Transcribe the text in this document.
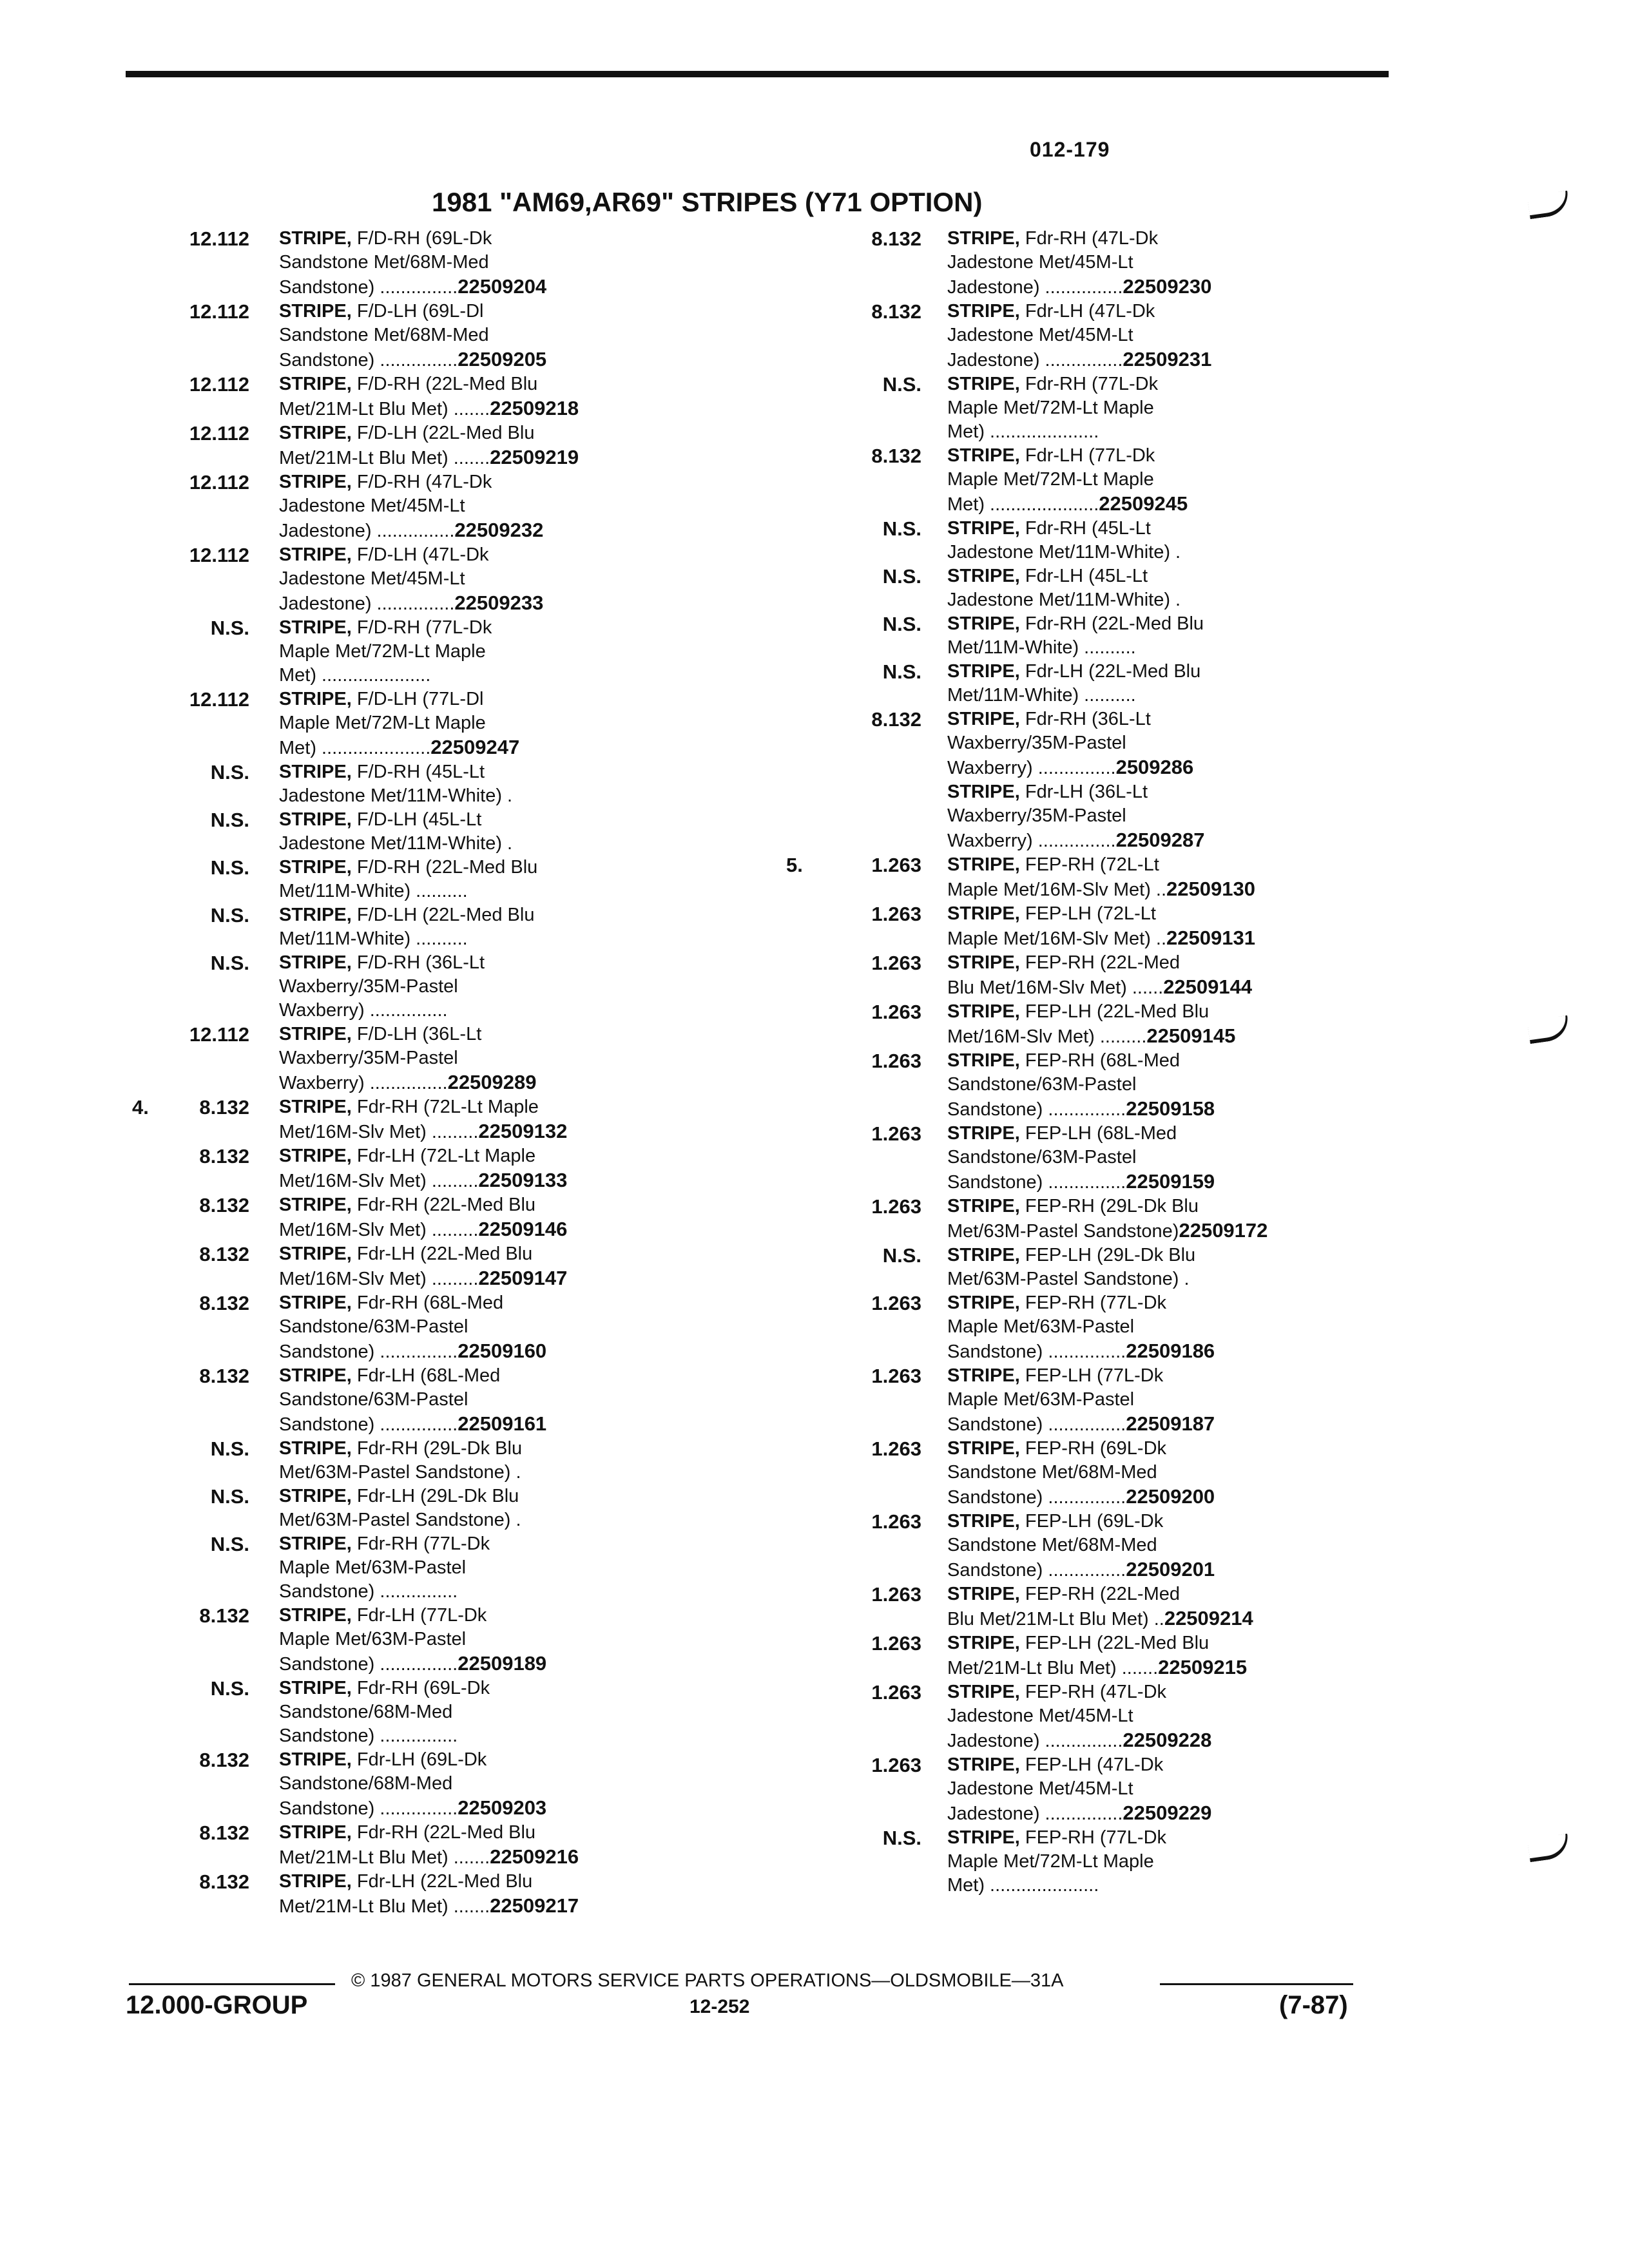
012-179
1981 "AM69,AR69" STRIPES (Y71 OPTION)
12.112 STRIPE, F/D-RH (69L-Dk
Sandstone Met/68M-Med
Sandstone) ...............22509204
12.112 STRIPE, F/D-LH (69L-Dl
Sandstone Met/68M-Med
Sandstone) ...............22509205
12.112 STRIPE, F/D-RH (22L-Med Blu
Met/21M-Lt Blu Met) .......22509218
12.112 STRIPE, F/D-LH (22L-Med Blu
Met/21M-Lt Blu Met) .......22509219
12.112 STRIPE, F/D-RH (47L-Dk
Jadestone Met/45M-Lt
Jadestone) ...............22509232
12.112 STRIPE, F/D-LH (47L-Dk
Jadestone Met/45M-Lt
Jadestone) ...............22509233
N.S. STRIPE, F/D-RH (77L-Dk
Maple Met/72M-Lt Maple
Met) .....................
12.112 STRIPE, F/D-LH (77L-Dl
Maple Met/72M-Lt Maple
Met) .....................22509247
N.S. STRIPE, F/D-RH (45L-Lt
Jadestone Met/11M-White) .
N.S. STRIPE, F/D-LH (45L-Lt
Jadestone Met/11M-White) .
N.S. STRIPE, F/D-RH (22L-Med Blu
Met/11M-White) ..........
N.S. STRIPE, F/D-LH (22L-Med Blu
Met/11M-White) ..........
N.S. STRIPE, F/D-RH (36L-Lt
Waxberry/35M-Pastel
Waxberry) ...............
12.112 STRIPE, F/D-LH (36L-Lt
Waxberry/35M-Pastel
Waxberry) ...............22509289
4.	8.132 STRIPE, Fdr-RH (72L-Lt Maple
Met/16M-Slv Met) .........22509132
8.132 STRIPE, Fdr-LH (72L-Lt Maple
Met/16M-Slv Met) .........22509133
8.132 STRIPE, Fdr-RH (22L-Med Blu
Met/16M-Slv Met) .........22509146
8.132 STRIPE, Fdr-LH (22L-Med Blu
Met/16M-Slv Met) .........22509147
8.132 STRIPE, Fdr-RH (68L-Med
Sandstone/63M-Pastel
Sandstone) ...............22509160
8.132 STRIPE, Fdr-LH (68L-Med
Sandstone/63M-Pastel
Sandstone) ...............22509161
N.S. STRIPE, Fdr-RH (29L-Dk Blu
Met/63M-Pastel Sandstone) .
N.S. STRIPE, Fdr-LH (29L-Dk Blu
Met/63M-Pastel Sandstone) .
N.S. STRIPE, Fdr-RH (77L-Dk
Maple Met/63M-Pastel
Sandstone) ...............
8.132 STRIPE, Fdr-LH (77L-Dk
Maple Met/63M-Pastel
Sandstone) ...............22509189
N.S. STRIPE, Fdr-RH (69L-Dk
Sandstone/68M-Med
Sandstone) ...............
8.132 STRIPE, Fdr-LH (69L-Dk
Sandstone/68M-Med
Sandstone) ...............22509203
8.132 STRIPE, Fdr-RH (22L-Med Blu
Met/21M-Lt Blu Met) .......22509216
8.132 STRIPE, Fdr-LH (22L-Med Blu
Met/21M-Lt Blu Met) .......22509217
8.132 STRIPE, Fdr-RH (47L-Dk
Jadestone Met/45M-Lt
Jadestone) ...............22509230
8.132 STRIPE, Fdr-LH (47L-Dk
Jadestone Met/45M-Lt
Jadestone) ...............22509231
N.S. STRIPE, Fdr-RH (77L-Dk
Maple Met/72M-Lt Maple
Met) .....................
8.132 STRIPE, Fdr-LH (77L-Dk
Maple Met/72M-Lt Maple
Met) .....................22509245
N.S. STRIPE, Fdr-RH (45L-Lt
Jadestone Met/11M-White) .
N.S. STRIPE, Fdr-LH (45L-Lt
Jadestone Met/11M-White) .
N.S. STRIPE, Fdr-RH (22L-Med Blu
Met/11M-White) ..........
N.S. STRIPE, Fdr-LH (22L-Med Blu
Met/11M-White) ..........
8.132 STRIPE, Fdr-RH (36L-Lt
Waxberry/35M-Pastel
Waxberry) ...............2509286
STRIPE, Fdr-LH (36L-Lt
Waxberry/35M-Pastel
Waxberry) ...............22509287
5.	1.263 STRIPE, FEP-RH (72L-Lt
Maple Met/16M-Slv Met) ..22509130
1.263 STRIPE, FEP-LH (72L-Lt
Maple Met/16M-Slv Met) ..22509131
1.263 STRIPE, FEP-RH (22L-Med
Blu Met/16M-Slv Met) ......22509144
1.263 STRIPE, FEP-LH (22L-Med Blu
Met/16M-Slv Met) .........22509145
1.263 STRIPE, FEP-RH (68L-Med
Sandstone/63M-Pastel
Sandstone) ...............22509158
1.263 STRIPE, FEP-LH (68L-Med
Sandstone/63M-Pastel
Sandstone) ...............22509159
1.263 STRIPE, FEP-RH (29L-Dk Blu
Met/63M-Pastel Sandstone)22509172
N.S. STRIPE, FEP-LH (29L-Dk Blu
Met/63M-Pastel Sandstone) .
1.263 STRIPE, FEP-RH (77L-Dk
Maple Met/63M-Pastel
Sandstone) ...............22509186
1.263 STRIPE, FEP-LH (77L-Dk
Maple Met/63M-Pastel
Sandstone) ...............22509187
1.263 STRIPE, FEP-RH (69L-Dk
Sandstone Met/68M-Med
Sandstone) ...............22509200
1.263 STRIPE, FEP-LH (69L-Dk
Sandstone Met/68M-Med
Sandstone) ...............22509201
1.263 STRIPE, FEP-RH (22L-Med
Blu Met/21M-Lt Blu Met) ..22509214
1.263 STRIPE, FEP-LH (22L-Med Blu
Met/21M-Lt Blu Met) .......22509215
1.263 STRIPE, FEP-RH (47L-Dk
Jadestone Met/45M-Lt
Jadestone) ...............22509228
1.263 STRIPE, FEP-LH (47L-Dk
Jadestone Met/45M-Lt
Jadestone) ...............22509229
N.S. STRIPE, FEP-RH (77L-Dk
Maple Met/72M-Lt Maple
Met) .....................
© 1987 GENERAL MOTORS SERVICE PARTS OPERATIONS—OLDSMOBILE—31A
12.000-GROUP	12-252	(7-87)
